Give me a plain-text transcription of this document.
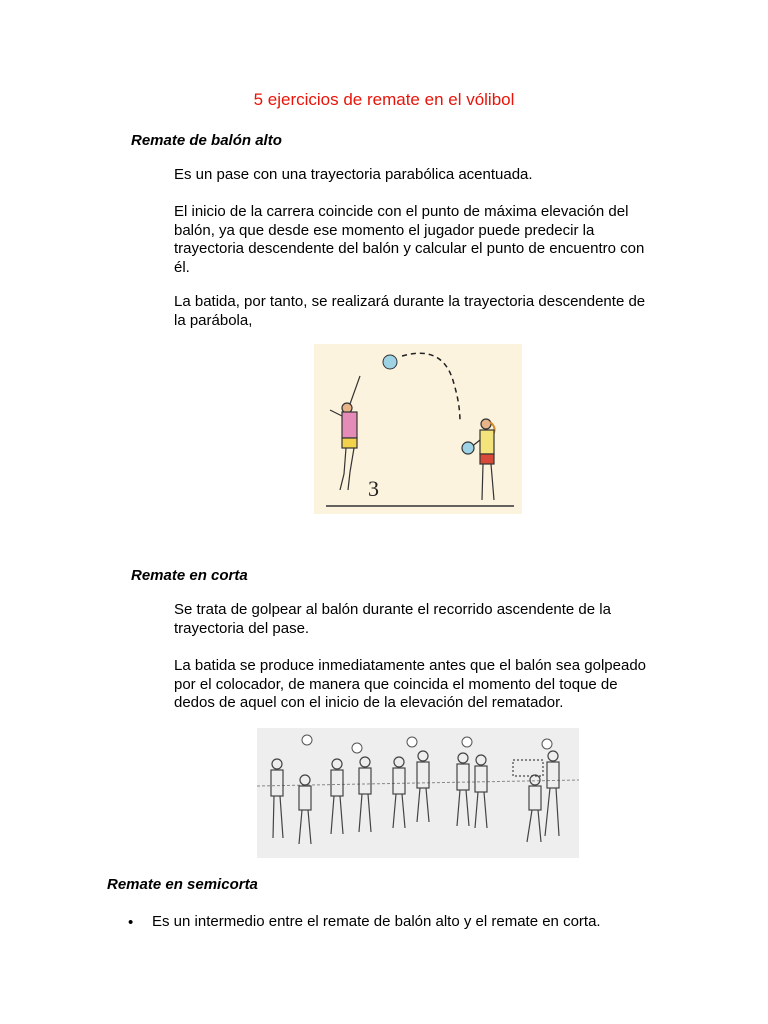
5 ejercicios de remate en el vólibol
Remate de balón alto
Es un pase con una trayectoria parabólica acentuada.
El inicio de la carrera coincide con el punto de máxima elevación del balón, ya que desde ese momento el jugador puede predecir la trayectoria descendente del balón y calcular el punto de encuentro con él.
La batida, por tanto, se realizará durante la trayectoria descendente de la parábola,
3
Remate en corta
Se trata de golpear al balón durante el recorrido ascendente de la trayectoria del pase.
La batida se produce inmediatamente antes que el balón sea golpeado por el colocador, de manera que coincida el momento del toque de dedos de aquel con el inicio de la elevación del rematador.
Remate en semicorta
• Es un intermedio entre el remate de balón alto y el remate en corta.
